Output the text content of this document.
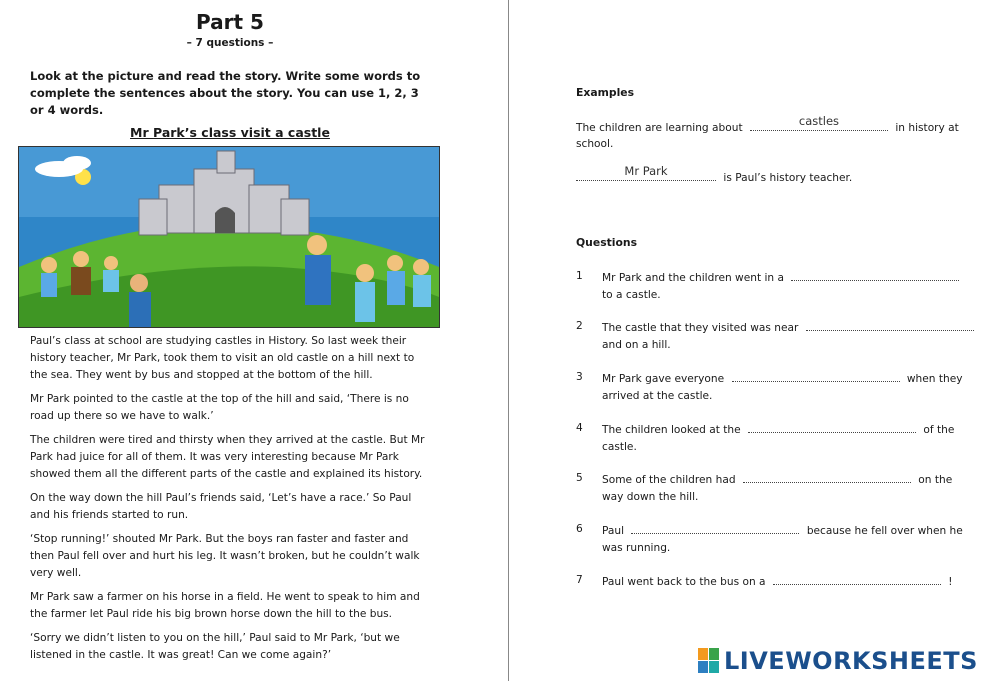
Part 5
– 7 questions –
Look at the picture and read the story. Write some words to complete the sentences about the story. You can use 1, 2, 3 or 4 words.
Mr Park’s class visit a castle

Paul’s class at school are studying castles in History. So last week their history teacher, Mr Park, took them to visit an old castle on a hill next to the sea. They went by bus and stopped at the bottom of the hill.

Mr Park pointed to the castle at the top of the hill and said, ‘There is no road up there so we have to walk.’

The children were tired and thirsty when they arrived at the castle. But Mr Park had juice for all of them. It was very interesting because Mr Park showed them all the different parts of the castle and explained its history.

On the way down the hill Paul’s friends said, ‘Let’s have a race.’ So Paul and his friends started to run.

‘Stop running!’ shouted Mr Park. But the boys ran faster and faster and then Paul fell over and hurt his leg. It wasn’t broken, but he couldn’t walk very well.

Mr Park saw a farmer on his horse in a field. He went to speak to him and the farmer let Paul ride his big brown horse down the hill to the bus.

‘Sorry we didn’t listen to you on the hill,’ Paul said to Mr Park, ‘but we listened in the castle. It was great! Can we come again?’

Examples
The children are learning about	castles	in history at school.
Mr Park	is Paul’s history teacher.
Questions
1	Mr Park and the children went in a
to a castle.
2	The castle that they visited was near
and on a hill.
3	Mr Park gave everyone	when they arrived at the castle.
4	The children looked at the	of the castle.
5	Some of the children had	on the way down the hill.
6	Paul	because he fell over when he was running.
7	Paul went back to the bus on a	!
LIVEWORKSHEETS
